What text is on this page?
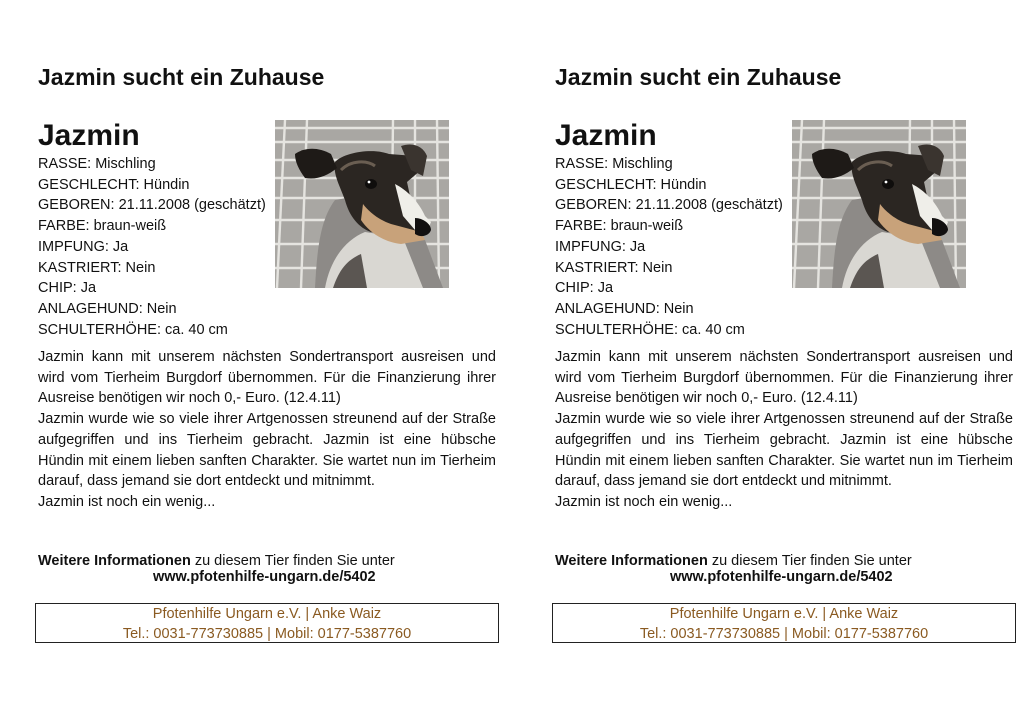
Jazmin sucht ein Zuhause
Jazmin
RASSE: Mischling
GESCHLECHT: Hündin
GEBOREN: 21.11.2008 (geschätzt)
FARBE: braun-weiß
IMPFUNG: Ja
KASTRIERT: Nein
CHIP: Ja
ANLAGEHUND: Nein
SCHULTERHÖHE: ca. 40 cm

Jazmin kann mit unserem nächsten Sondertransport ausreisen und wird vom Tierheim Burgdorf übernommen. Für die Finanzierung ihrer Ausreise benötigen wir noch 0,- Euro. (12.4.11)

Jazmin wurde wie so viele ihrer Artgenossen streunend auf der Straße aufgegriffen und ins Tierheim gebracht. Jazmin ist eine hübsche Hündin mit einem lieben sanften Charakter. Sie wartet nun im Tierheim darauf, dass jemand sie dort entdeckt und mitnimmt.

Jazmin ist noch ein wenig...

Weitere Informationen zu diesem Tier finden Sie unter
www.pfotenhilfe-ungarn.de/5402
Pfotenhilfe Ungarn e.V. | Anke Waiz
Tel.: 0031-773730885 | Mobil: 0177-5387760
Jazmin sucht ein Zuhause
Jazmin
RASSE: Mischling
GESCHLECHT: Hündin
GEBOREN: 21.11.2008 (geschätzt)
FARBE: braun-weiß
IMPFUNG: Ja
KASTRIERT: Nein
CHIP: Ja
ANLAGEHUND: Nein
SCHULTERHÖHE: ca. 40 cm

Jazmin kann mit unserem nächsten Sondertransport ausreisen und wird vom Tierheim Burgdorf übernommen. Für die Finanzierung ihrer Ausreise benötigen wir noch 0,- Euro. (12.4.11)

Jazmin wurde wie so viele ihrer Artgenossen streunend auf der Straße aufgegriffen und ins Tierheim gebracht. Jazmin ist eine hübsche Hündin mit einem lieben sanften Charakter. Sie wartet nun im Tierheim darauf, dass jemand sie dort entdeckt und mitnimmt.

Jazmin ist noch ein wenig...

Weitere Informationen zu diesem Tier finden Sie unter
www.pfotenhilfe-ungarn.de/5402
Pfotenhilfe Ungarn e.V. | Anke Waiz
Tel.: 0031-773730885 | Mobil: 0177-5387760
